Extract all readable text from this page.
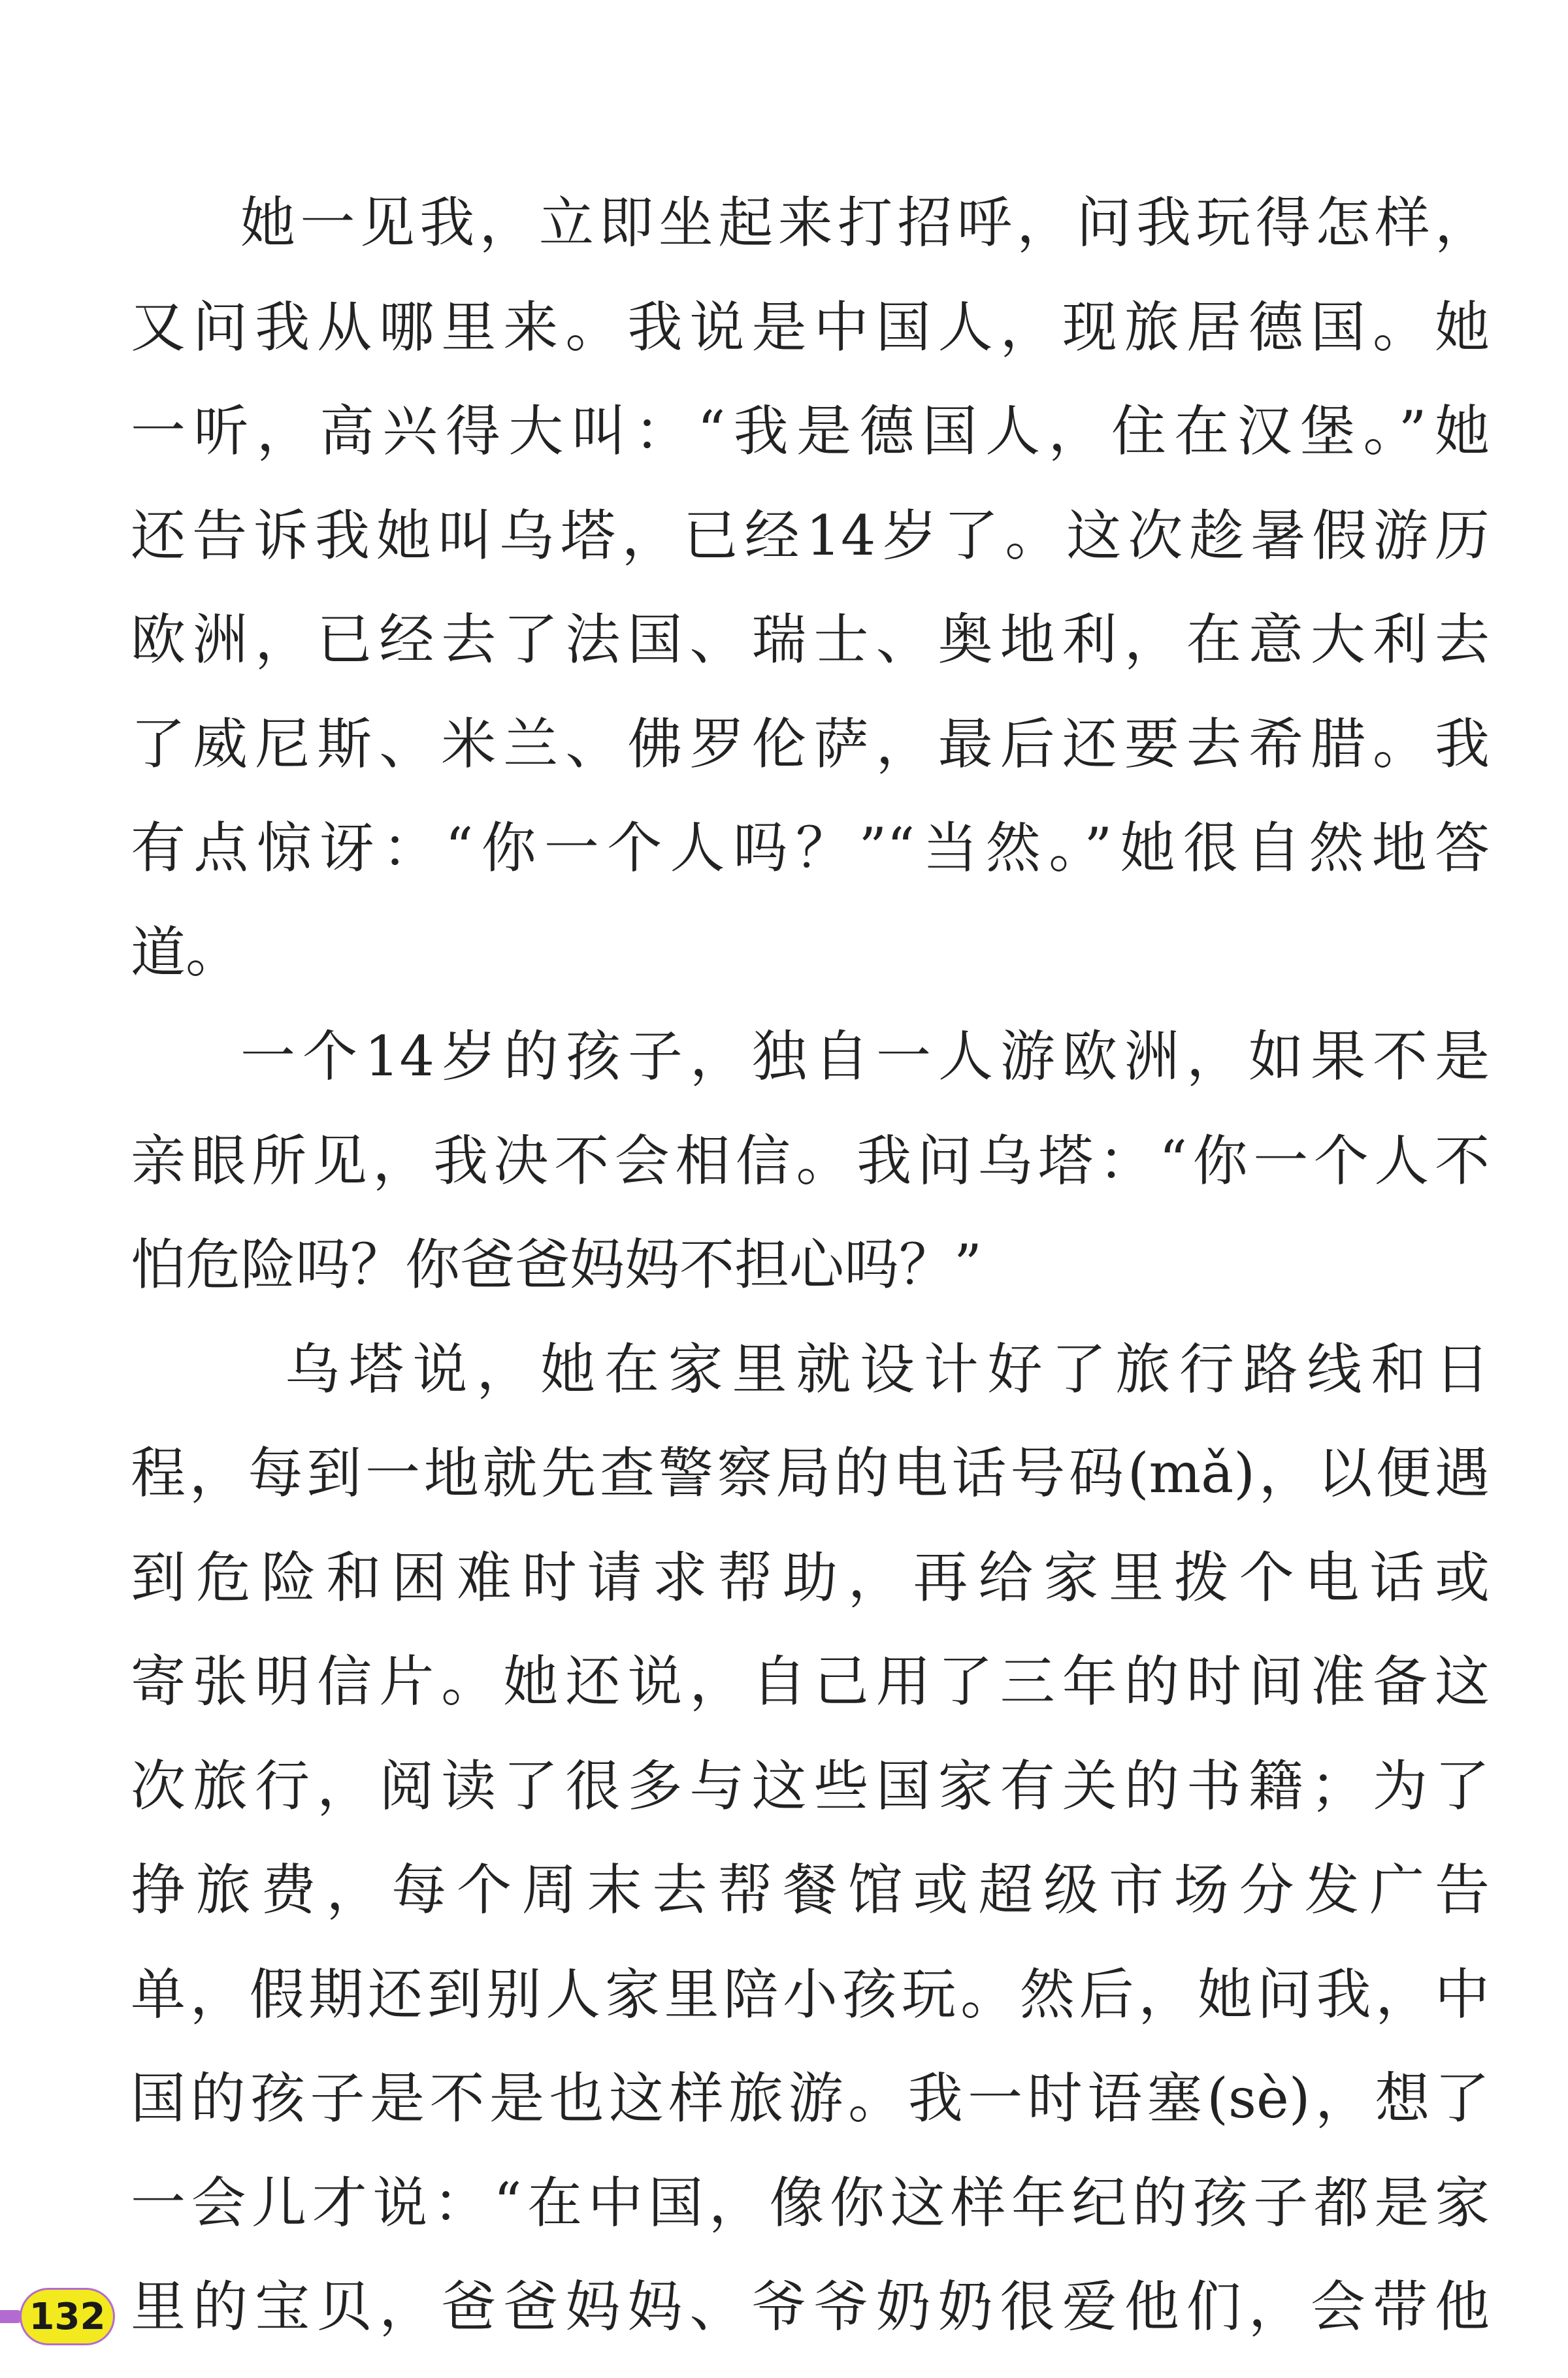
她一见我，立即坐起来打招呼，问我玩得怎样，
又问我从哪里来。我说是中国人，现旅居德国。她
一听，高兴得大叫：“我是德国人，住在汉堡。”她
还告诉我她叫乌塔，已经14岁了。这次趁暑假游历
欧洲，已经去了法国、瑞士、奥地利，在意大利去
了威尼斯、米兰、佛罗伦萨，最后还要去希腊。我
有点惊讶：“你一个人吗？”“当然。”她很自然地答
道。
一个14岁的孩子，独自一人游欧洲，如果不是
亲眼所见，我决不会相信。我问乌塔：“你一个人不
怕危险吗？你爸爸妈妈不担心吗？”
乌塔说，她在家里就设计好了旅行路线和日
程，每到一地就先查警察局的电话号码(mǎ)，以便遇
到危险和困难时请求帮助，再给家里拨个电话或
寄张明信片。她还说，自己用了三年的时间准备这
次旅行，阅读了很多与这些国家有关的书籍；为了
挣旅费，每个周末去帮餐馆或超级市场分发广告
单，假期还到别人家里陪小孩玩。然后，她问我，中
国的孩子是不是也这样旅游。我一时语塞(sè)，想了
一会儿才说：“在中国，像你这样年纪的孩子都是家
里的宝贝，爸爸妈妈、爷爷奶奶很爱他们，会带他
132
